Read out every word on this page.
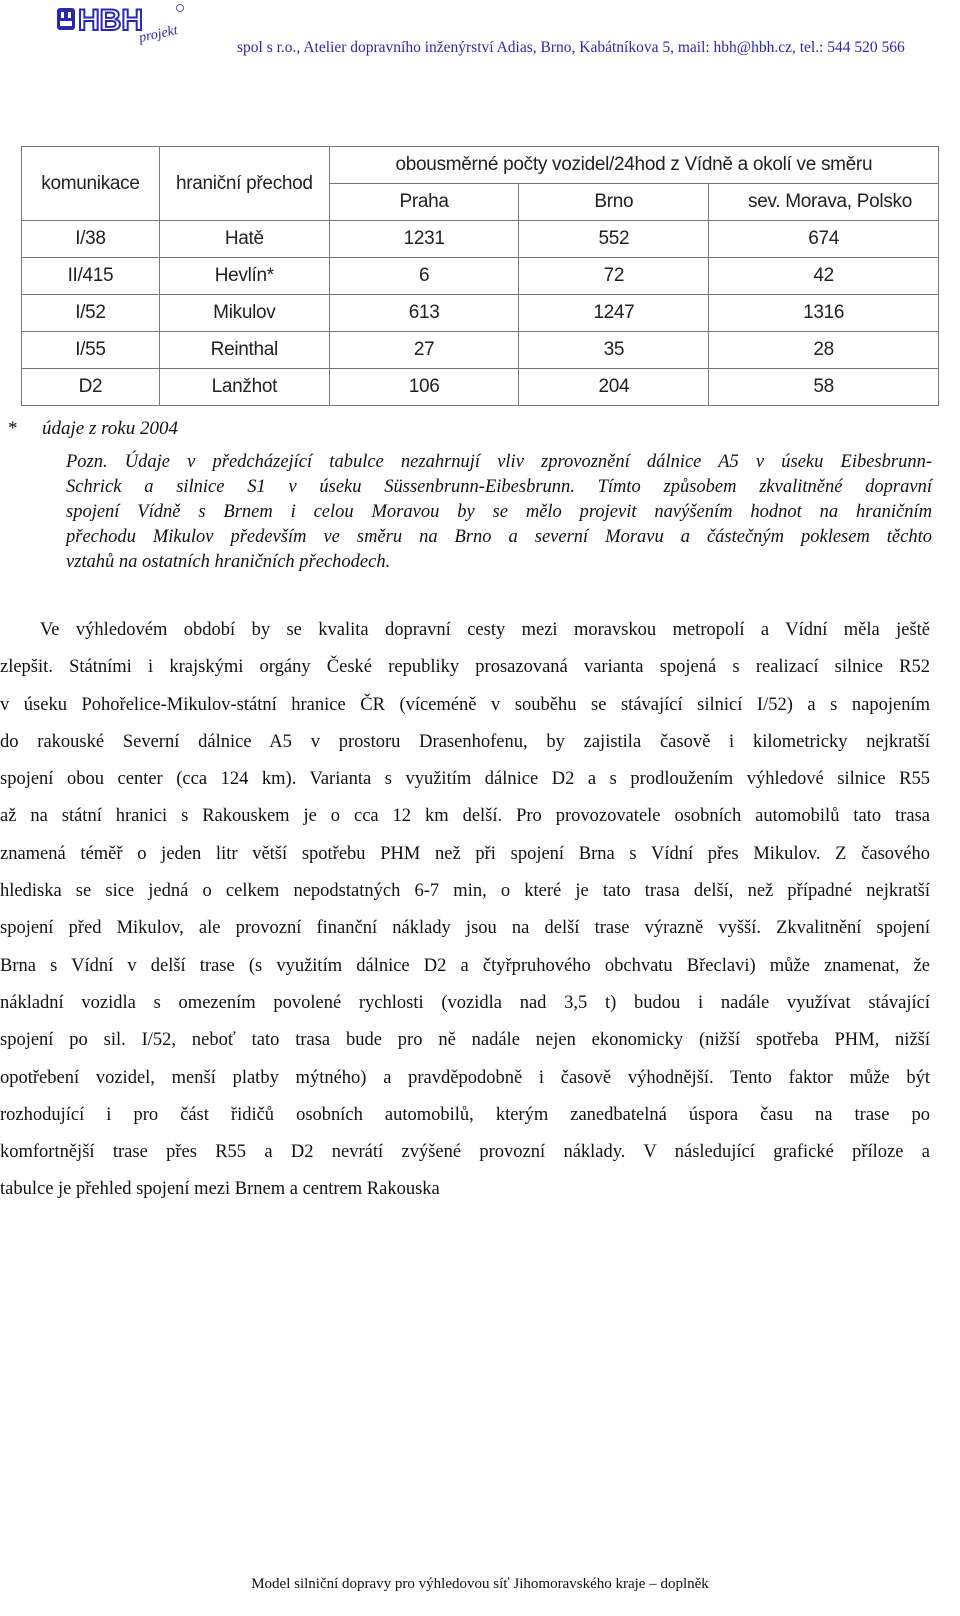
HBH
projekt
spol s r.o., Atelier dopravního inženýrství Adias, Brno, Kabátníkova 5, mail: hbh@hbh.cz, tel.: 544 520 566
komunikace	hraniční přechod	obousměrné počty vozidel/24hod z Vídně a okolí ve směru		
		Praha	Brno	sev. Morava, Polsko
I/38	Hatě	1231	552	674
II/415	Hevlín*	6	72	42
I/52	Mikulov	613	1247	1316
I/55	Reinthal	27	35	28
D2	Lanžhot	106	204	58
* údaje z roku 2004
Pozn. Údaje v předcházející tabulce nezahrnují vliv zprovoznění dálnice A5 v úseku Eibesbrunn-
Schrick a silnice S1 v úseku Süssenbrunn-Eibesbrunn. Tímto způsobem zkvalitněné dopravní
spojení Vídně s Brnem i celou Moravou by se mělo projevit navýšením hodnot na hraničním
přechodu Mikulov především ve směru na Brno a severní Moravu a částečným poklesem těchto
vztahů na ostatních hraničních přechodech.
Ve výhledovém období by se kvalita dopravní cesty mezi moravskou metropolí a Vídní měla ještě
zlepšit. Státními i krajskými orgány České republiky prosazovaná varianta spojená s realizací silnice R52
v úseku Pohořelice-Mikulov-státní hranice ČR (víceméně v souběhu se stávající silnicí I/52) a s napojením
do rakouské Severní dálnice A5 v prostoru Drasenhofenu, by zajistila časově i kilometricky nejkratší
spojení obou center (cca 124 km). Varianta s využitím dálnice D2 a s prodloužením výhledové silnice R55
až na státní hranici s Rakouskem je o cca 12 km delší. Pro provozovatele osobních automobilů tato trasa
znamená téměř o jeden litr větší spotřebu PHM než při spojení Brna s Vídní přes Mikulov. Z časového
hlediska se sice jedná o celkem nepodstatných 6-7 min, o které je tato trasa delší, než případné nejkratší
spojení před Mikulov, ale provozní finanční náklady jsou na delší trase výrazně vyšší. Zkvalitnění spojení
Brna s Vídní v delší trase (s využitím dálnice D2 a čtyřpruhového obchvatu Břeclavi) může znamenat, že
nákladní vozidla s omezením povolené rychlosti (vozidla nad 3,5 t) budou i nadále využívat stávající
spojení po sil. I/52, neboť tato trasa bude pro ně nadále nejen ekonomicky (nižší spotřeba PHM, nižší
opotřebení vozidel, menší platby mýtného) a pravděpodobně i časově výhodnější. Tento faktor může být
rozhodující i pro část řidičů osobních automobilů, kterým zanedbatelná úspora času na trase po
komfortnější trase přes R55 a D2 nevrátí zvýšené provozní náklady. V následující grafické příloze a
tabulce je přehled spojení mezi Brnem a centrem Rakouska
Model silniční dopravy pro výhledovou síť Jihomoravského kraje – doplněk
